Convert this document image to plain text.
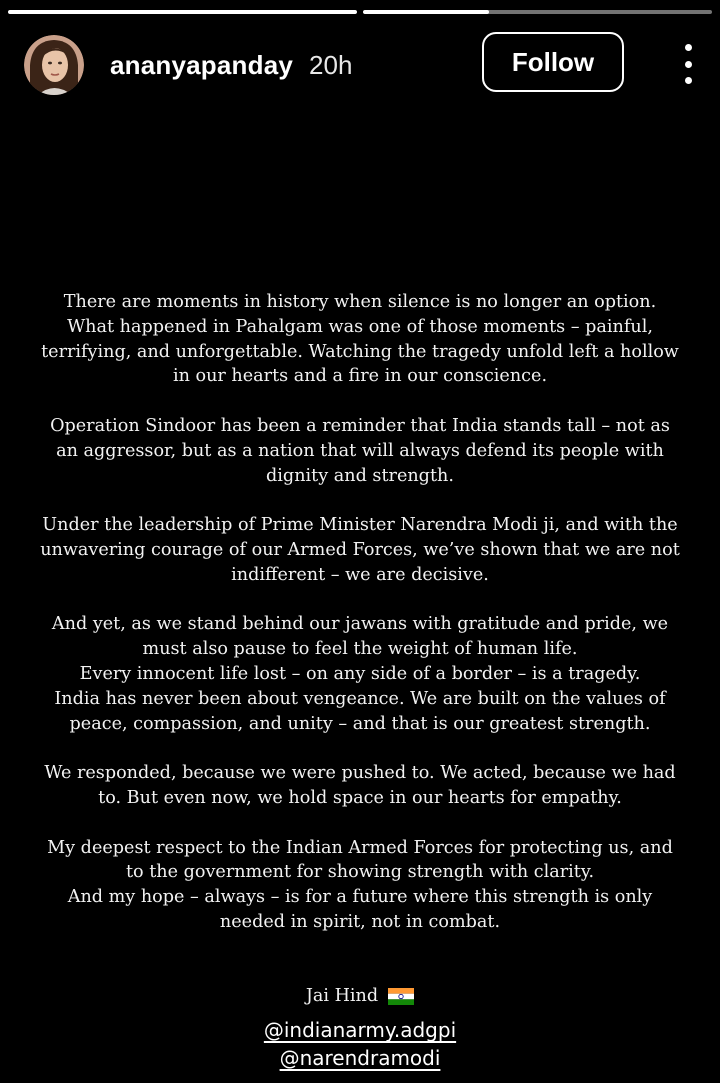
ananyapanday 20h	Follow

There are moments in history when silence is no longer an option.
What happened in Pahalgam was one of those moments – painful,
terrifying, and unforgettable. Watching the tragedy unfold left a hollow
in our hearts and a fire in our conscience.

Operation Sindoor has been a reminder that India stands tall – not as
an aggressor, but as a nation that will always defend its people with
dignity and strength.

Under the leadership of Prime Minister Narendra Modi ji, and with the
unwavering courage of our Armed Forces, we’ve shown that we are not
indifferent – we are decisive.

And yet, as we stand behind our jawans with gratitude and pride, we
must also pause to feel the weight of human life.
Every innocent life lost – on any side of a border – is a tragedy.
India has never been about vengeance. We are built on the values of
peace, compassion, and unity – and that is our greatest strength.

We responded, because we were pushed to. We acted, because we had
to. But even now, we hold space in our hearts for empathy.

My deepest respect to the Indian Armed Forces for protecting us, and
to the government for showing strength with clarity.
And my hope – always – is for a future where this strength is only
needed in spirit, not in combat.

Jai Hind

@indianarmy.adgpi
@narendramodi
